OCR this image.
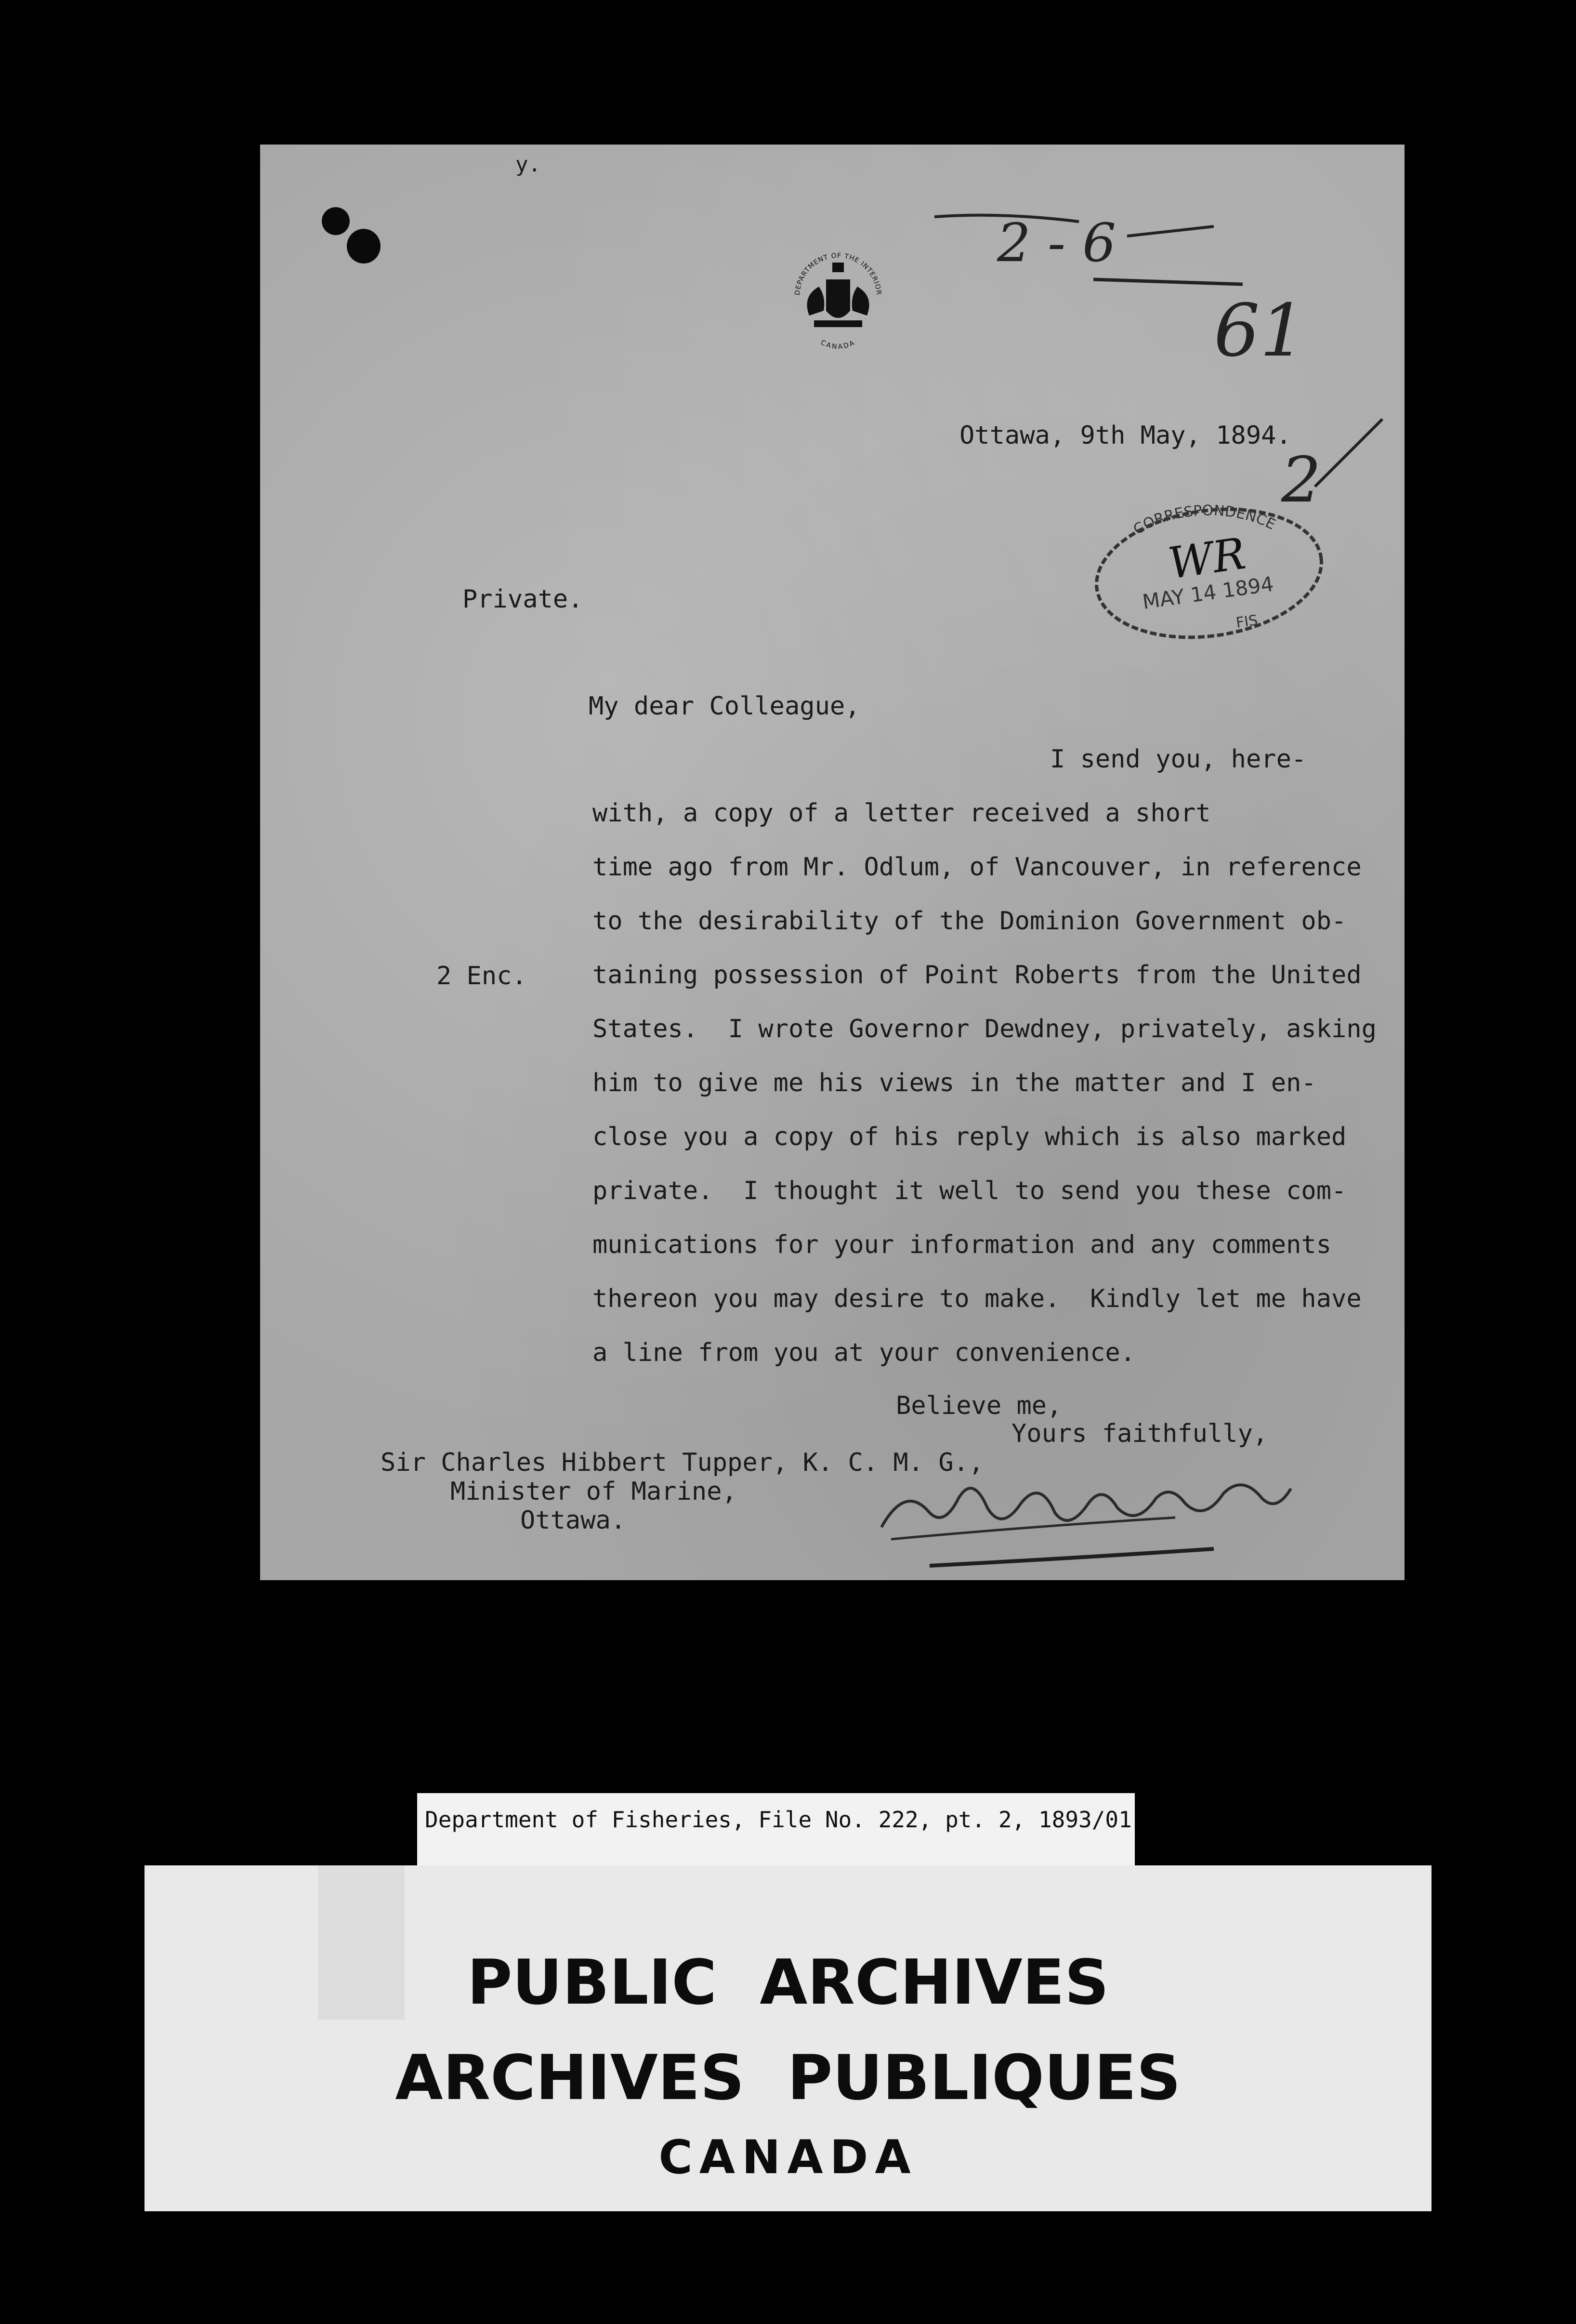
y.
2 - 6
61
DEPARTMENT OF THE INTERIOR
CANADA
Ottawa, 9th May, 1894.
2
CORRESPONDENCE
WR
MAY 14 1894
FIS
Private.
My dear Colleague,
2 Enc.
I send you, here-
with, a copy of a letter received a short
time ago from Mr. Odlum, of Vancouver, in reference
to the desirability of the Dominion Government ob-
taining possession of Point Roberts from the United
States.  I wrote Governor Dewdney, privately, asking
him to give me his views in the matter and I en-
close you a copy of his reply which is also marked
private.  I thought it well to send you these com-
munications for your information and any comments
thereon you may desire to make.  Kindly let me have
a line from you at your convenience.
Believe me,
Yours faithfully,
Sir Charles Hibbert Tupper, K. C. M. G.,
Minister of Marine,
Ottawa.
PUBLIC  ARCHIVES
ARCHIVES  PUBLIQUES
CANADA
Department of Fisheries, File No. 222, pt. 2, 1893/01
